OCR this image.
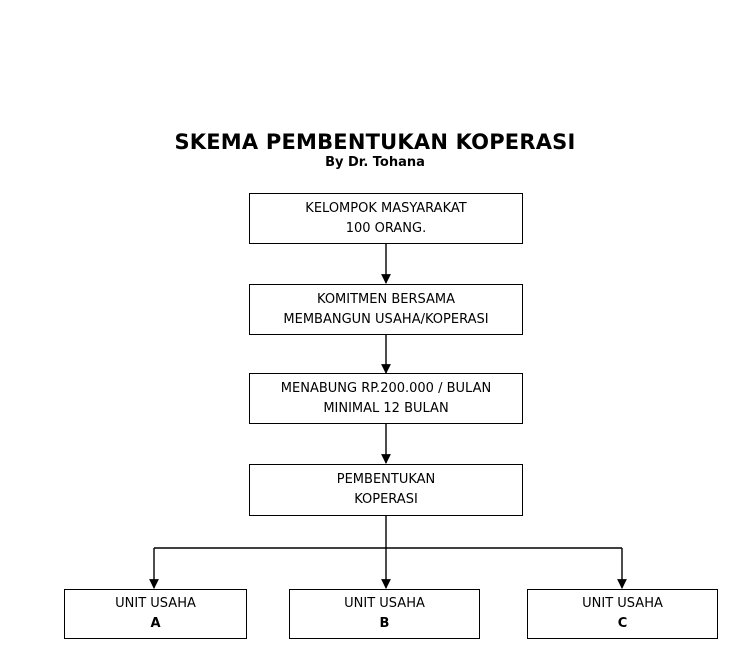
SKEMA PEMBENTUKAN KOPERASI
By Dr. Tohana
KELOMPOK MASYARAKAT
100 ORANG.
KOMITMEN BERSAMA
MEMBANGUN USAHA/KOPERASI
MENABUNG RP.200.000 / BULAN
MINIMAL 12 BULAN
PEMBENTUKAN
KOPERASI
UNIT USAHA
A
UNIT USAHA
B
UNIT USAHA
C
